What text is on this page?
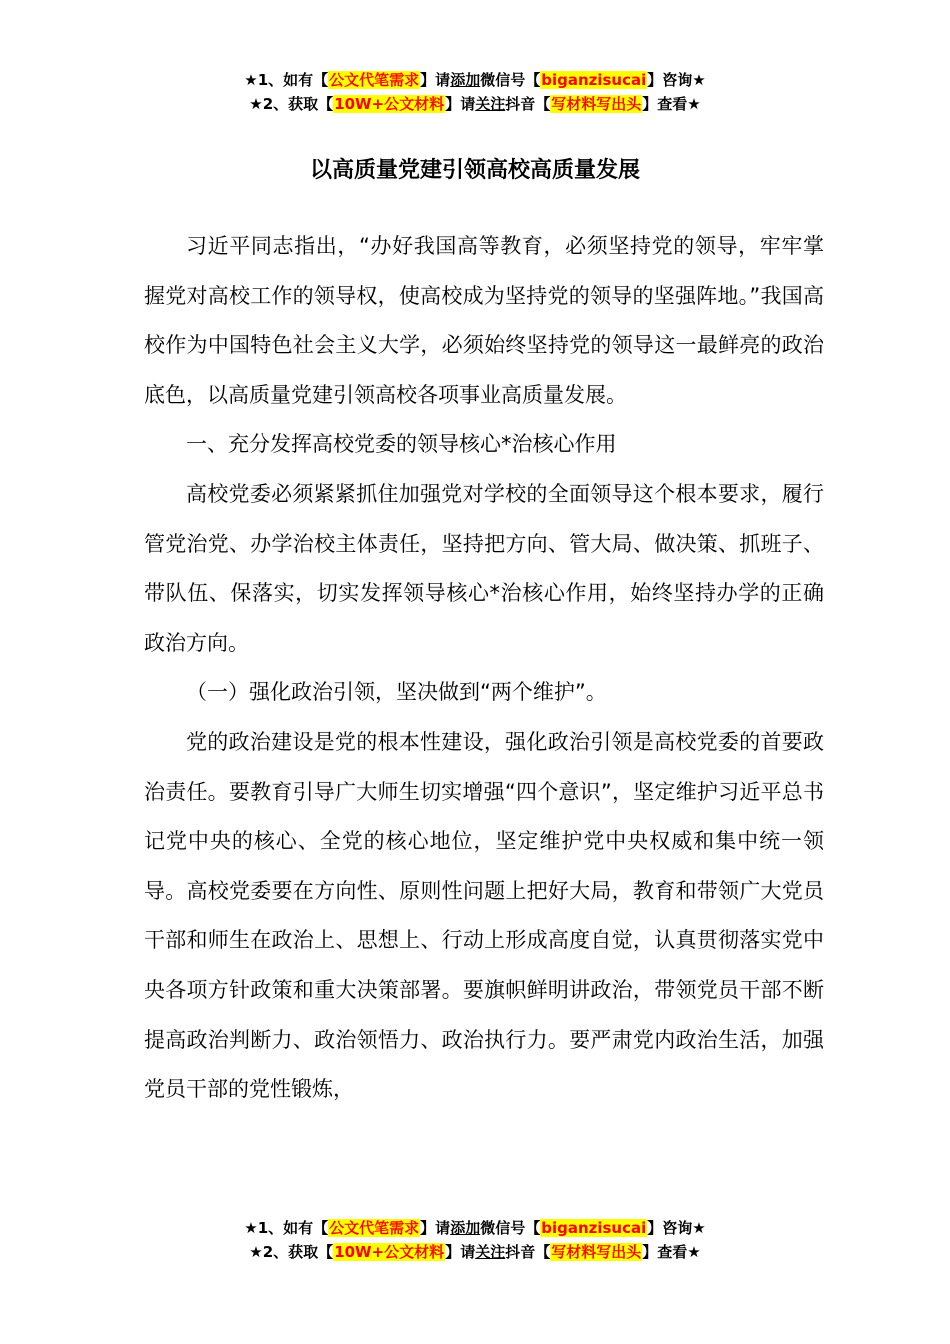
★1、如有【公文代笔需求】请添加微信号【biganzisucai】咨询★
★2、获取【10W+公文材料】请关注抖音【写材料写出头】查看★
以高质量党建引领高校高质量发展

习近平同志指出，“办好我国高等教育，必须坚持党的领导，牢牢掌握党对高校工作的领导权，使高校成为坚持党的领导的坚强阵地。”我国高校作为中国特色社会主义大学，必须始终坚持党的领导这一最鲜亮的政治底色，以高质量党建引领高校各项事业高质量发展。

一、充分发挥高校党委的领导核心*治核心作用

高校党委必须紧紧抓住加强党对学校的全面领导这个根本要求，履行管党治党、办学治校主体责任，坚持把方向、管大局、做决策、抓班子、带队伍、保落实，切实发挥领导核心*治核心作用，始终坚持办学的正确政治方向。

（一）强化政治引领，坚决做到“两个维护”。

党的政治建设是党的根本性建设，强化政治引领是高校党委的首要政治责任。要教育引导广大师生切实增强“四个意识”，坚定维护习近平总书记党中央的核心、全党的核心地位，坚定维护党中央权威和集中统一领导。高校党委要在方向性、原则性问题上把好大局，教育和带领广大党员干部和师生在政治上、思想上、行动上形成高度自觉，认真贯彻落实党中央各项方针政策和重大决策部署。要旗帜鲜明讲政治，带领党员干部不断提高政治判断力、政治领悟力、政治执行力。要严肃党内政治生活，加强党员干部的党性锻炼，

★1、如有【公文代笔需求】请添加微信号【biganzisucai】咨询★
★2、获取【10W+公文材料】请关注抖音【写材料写出头】查看★
